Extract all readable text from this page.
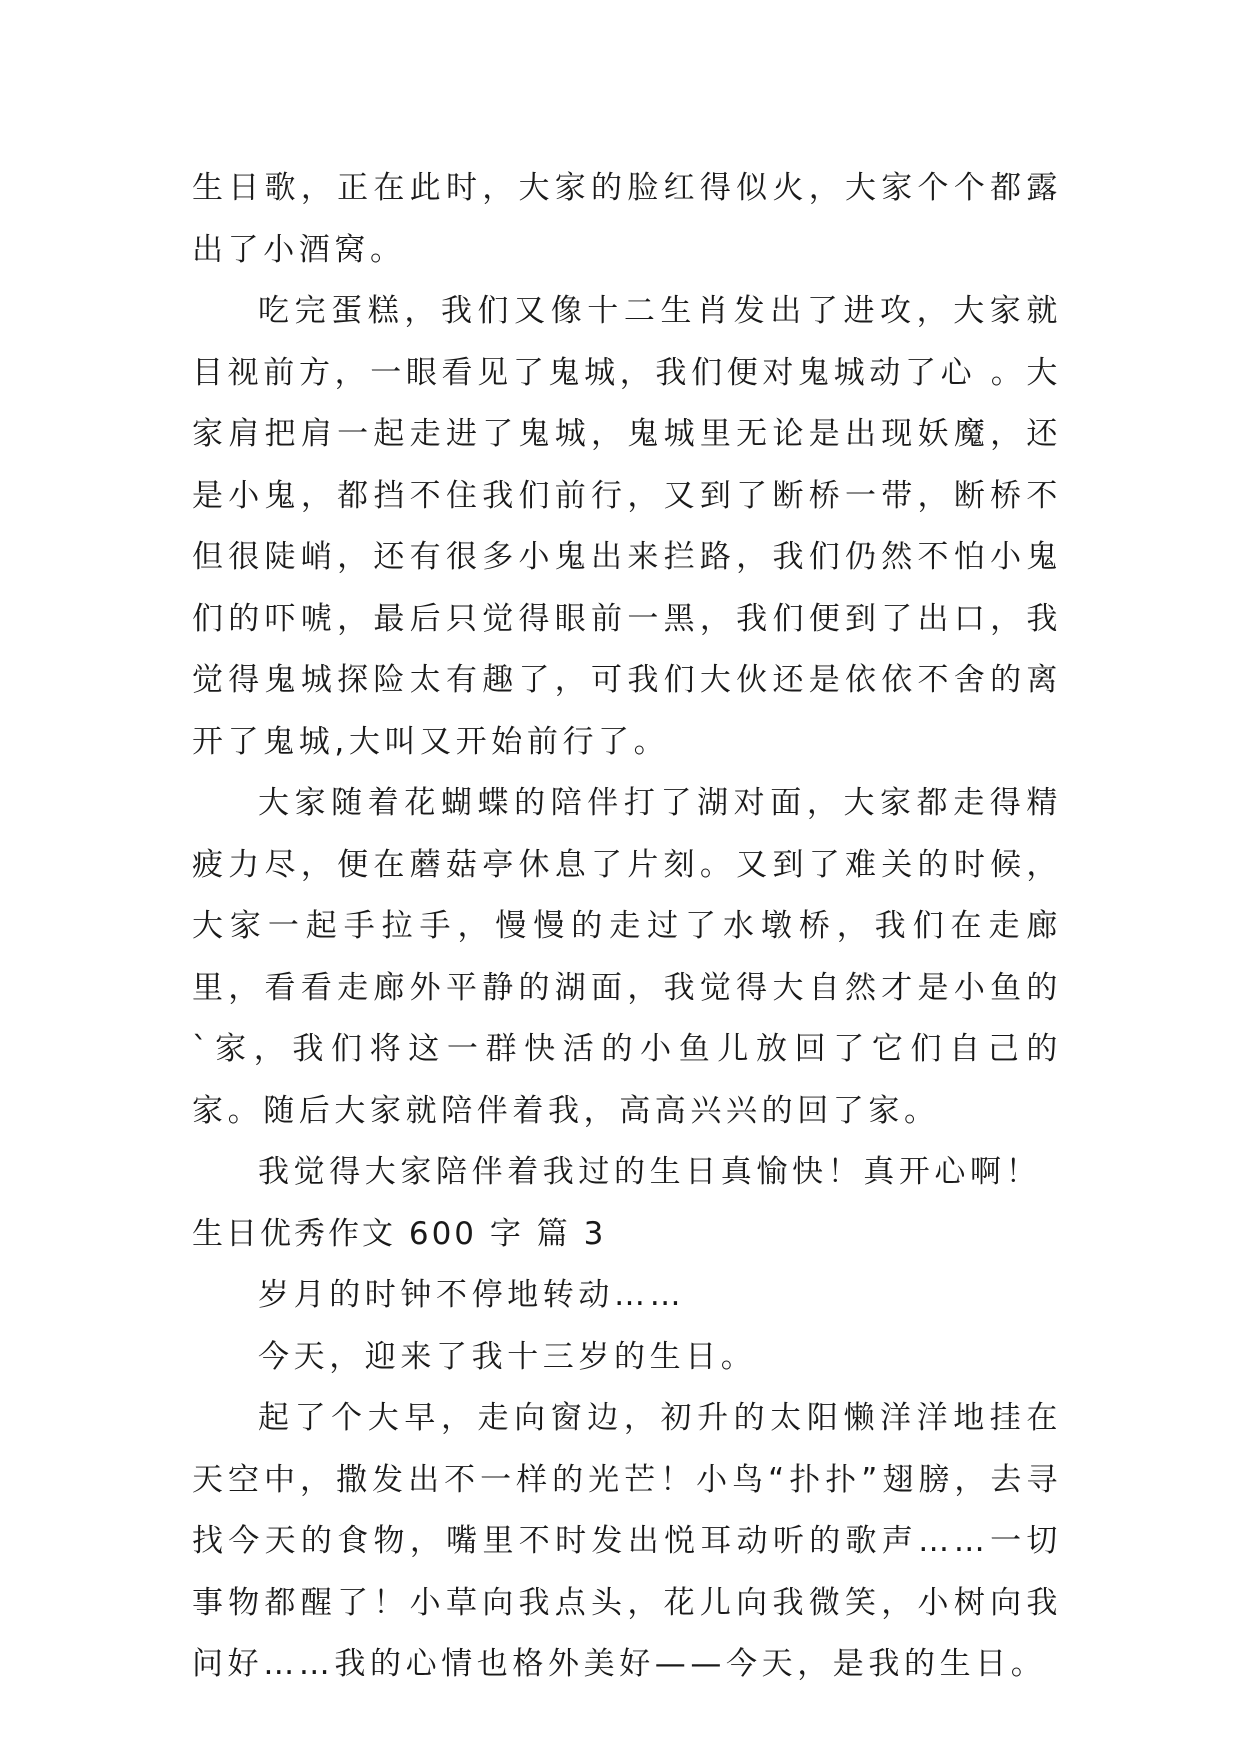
生日歌，正在此时，大家的脸红得似火，大家个个都露出了小酒窝。

吃完蛋糕，我们又像十二生肖发出了进攻，大家就目视前方，一眼看见了鬼城，我们便对鬼城动了心 。大家肩把肩一起走进了鬼城，鬼城里无论是出现妖魔，还是小鬼，都挡不住我们前行，又到了断桥一带，断桥不但很陡峭，还有很多小鬼出来拦路，我们仍然不怕小鬼们的吓唬，最后只觉得眼前一黑，我们便到了出口，我觉得鬼城探险太有趣了，可我们大伙还是依依不舍的离开了鬼城,大叫又开始前行了。

大家随着花蝴蝶的陪伴打了湖对面，大家都走得精疲力尽，便在蘑菇亭休息了片刻。又到了难关的时候，大家一起手拉手，慢慢的走过了水墩桥，我们在走廊里，看看走廊外平静的湖面，我觉得大自然才是小鱼的`家，我们将这一群快活的小鱼儿放回了它们自己的家。随后大家就陪伴着我，高高兴兴的回了家。

我觉得大家陪伴着我过的生日真愉快！真开心啊！

生日优秀作文 600 字 篇 3

岁月的时钟不停地转动……

今天，迎来了我十三岁的生日。

起了个大早，走向窗边，初升的太阳懒洋洋地挂在天空中，撒发出不一样的光芒！小鸟“扑扑”翅膀，去寻找今天的食物，嘴里不时发出悦耳动听的歌声……一切事物都醒了！小草向我点头，花儿向我微笑，小树向我问好……我的心情也格外美好——今天，是我的生日。
